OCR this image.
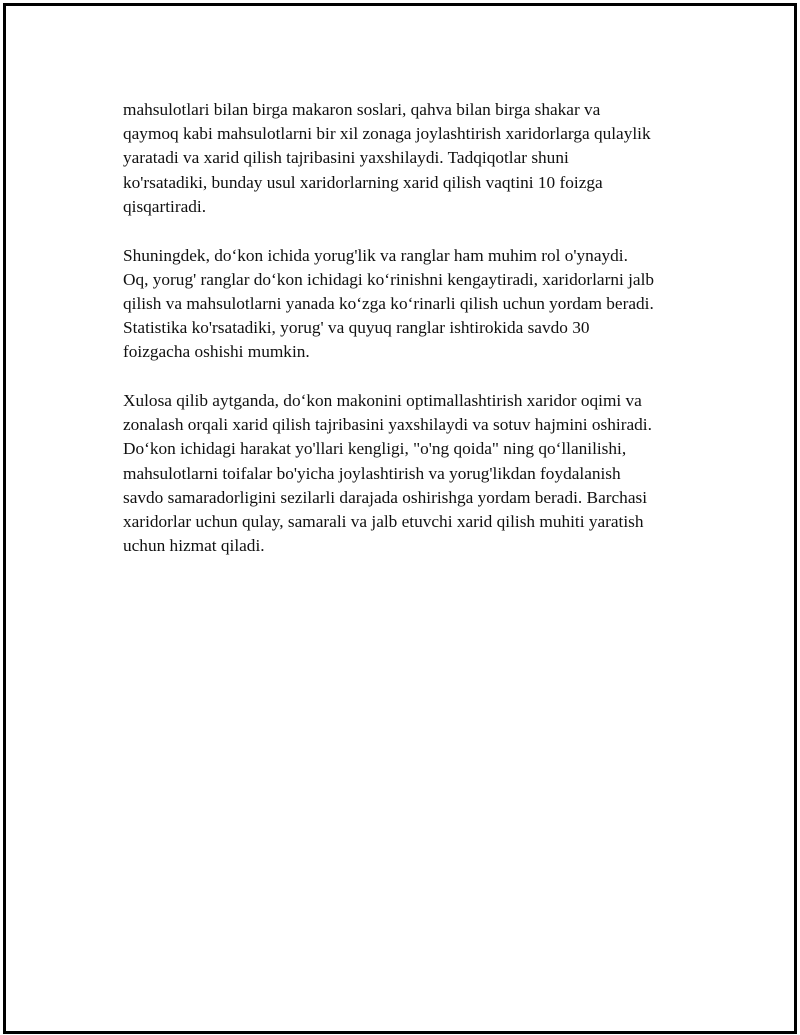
mahsulotlari bilan birga makaron soslari, qahva bilan birga shakar va
qaymoq kabi mahsulotlarni bir xil zonaga joylashtirish xaridorlarga qulaylik
yaratadi va xarid qilish tajribasini yaxshilaydi. Tadqiqotlar shuni
ko'rsatadiki, bunday usul xaridorlarning xarid qilish vaqtini 10 foizga
qisqartiradi.

Shuningdek, do‘kon ichida yorug'lik va ranglar ham muhim rol o'ynaydi.
Oq, yorug' ranglar do‘kon ichidagi ko‘rinishni kengaytiradi, xaridorlarni jalb
qilish va mahsulotlarni yanada ko‘zga ko‘rinarli qilish uchun yordam beradi.
Statistika ko'rsatadiki, yorug' va quyuq ranglar ishtirokida savdo 30
foizgacha oshishi mumkin.

Xulosa qilib aytganda, do‘kon makonini optimallashtirish xaridor oqimi va
zonalash orqali xarid qilish tajribasini yaxshilaydi va sotuv hajmini oshiradi.
Do‘kon ichidagi harakat yo'llari kengligi, "o'ng qoida" ning qo‘llanilishi,
mahsulotlarni toifalar bo'yicha joylashtirish va yorug'likdan foydalanish
savdo samaradorligini sezilarli darajada oshirishga yordam beradi. Barchasi
xaridorlar uchun qulay, samarali va jalb etuvchi xarid qilish muhiti yaratish
uchun hizmat qiladi.
